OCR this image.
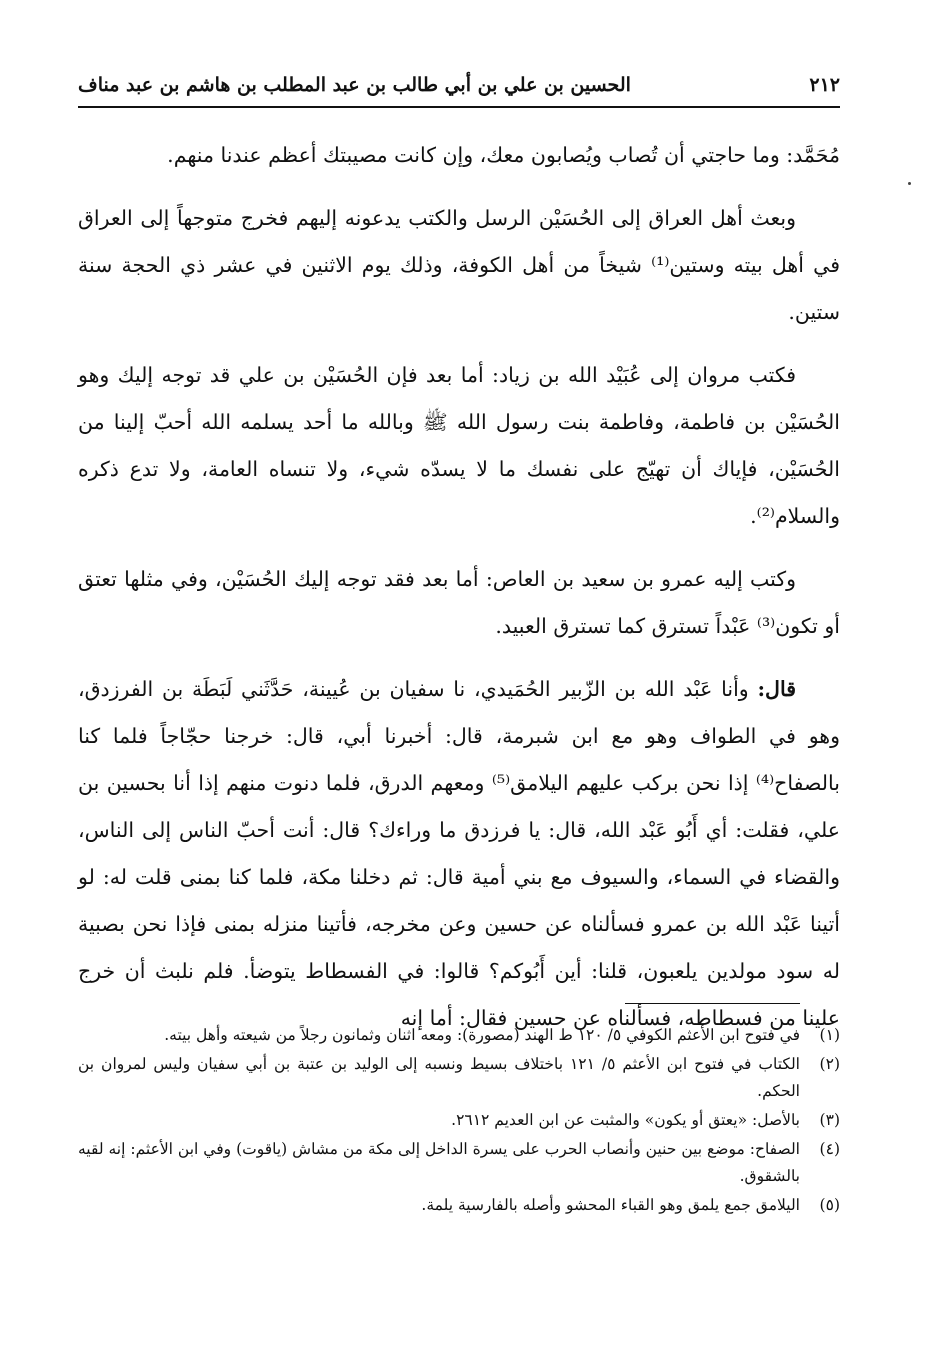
٢١٢
الحسين بن علي بن أبي طالب بن عبد المطلب بن هاشم بن عبد مناف

مُحَمَّد: وما حاجتي أن تُصاب ويُصابون معك، وإن كانت مصيبتك أعظم عندنا منهم.

وبعث أهل العراق إلى الحُسَيْن الرسل والكتب يدعونه إليهم فخرج متوجهاً إلى العراق في أهل بيته وستين⁽¹⁾ شيخاً من أهل الكوفة، وذلك يوم الاثنين في عشر ذي الحجة سنة ستين.

فكتب مروان إلى عُبَيْد الله بن زياد: أما بعد فإن الحُسَيْن بن علي قد توجه إليك وهو الحُسَيْن بن فاطمة، وفاطمة بنت رسول الله ﷺ وبالله ما أحد يسلمه الله أحبّ إلينا من الحُسَيْن، فإياك أن تهيّج على نفسك ما لا يسدّه شيء، ولا تنساه العامة، ولا تدع ذكره والسلام⁽²⁾.

وكتب إليه عمرو بن سعيد بن العاص: أما بعد فقد توجه إليك الحُسَيْن، وفي مثلها تعتق أو تكون⁽³⁾ عَبْداً تسترق كما تسترق العبيد.

قال: وأنا عَبْد الله بن الزّبير الحُمَيدي، نا سفيان بن عُيينة، حَدَّثَني لَبَطَة بن الفرزدق، وهو في الطواف وهو مع ابن شبرمة، قال: أخبرنا أبي، قال: خرجنا حجّاجاً فلما كنا بالصفاح⁽⁴⁾ إذا نحن بركب عليهم اليلامق⁽⁵⁾ ومعهم الدرق، فلما دنوت منهم إذا أنا بحسين بن علي، فقلت: أي أَبُو عَبْد الله، قال: يا فرزدق ما وراءك؟ قال: أنت أحبّ الناس إلى الناس، والقضاء في السماء، والسيوف مع بني أمية قال: ثم دخلنا مكة، فلما كنا بمنى قلت له: لو أتينا عَبْد الله بن عمرو فسألناه عن حسين وعن مخرجه، فأتينا منزله بمنى فإذا نحن بصبية له سود مولدين يلعبون، قلنا: أين أَبُوكم؟ قالوا: في الفسطاط يتوضأ. فلم نلبث أن خرج علينا من فسطاطه، فسألناه عن حسين فقال: أما إنه

(١)
في فتوح ابن الأعثم الكوفي ٥/ ١٢٠ ط الهند (مصورة): ومعه اثنان وثمانون رجلاً من شيعته وأهل بيته.
(٢)
الكتاب في فتوح ابن الأعثم ٥/ ١٢١ باختلاف بسيط ونسبه إلى الوليد بن عتبة بن أبي سفيان وليس لمروان بن الحكم.
(٣)
بالأصل: «يعتق أو يكون» والمثبت عن ابن العديم ٢٦١٢.
(٤)
الصفاح: موضع بين حنين وأنصاب الحرب على يسرة الداخل إلى مكة من مشاش (ياقوت) وفي ابن الأعثم: إنه لقيه بالشقوق.
(٥)
اليلامق جمع يلمق وهو القباء المحشو وأصله بالفارسية يلمة.
